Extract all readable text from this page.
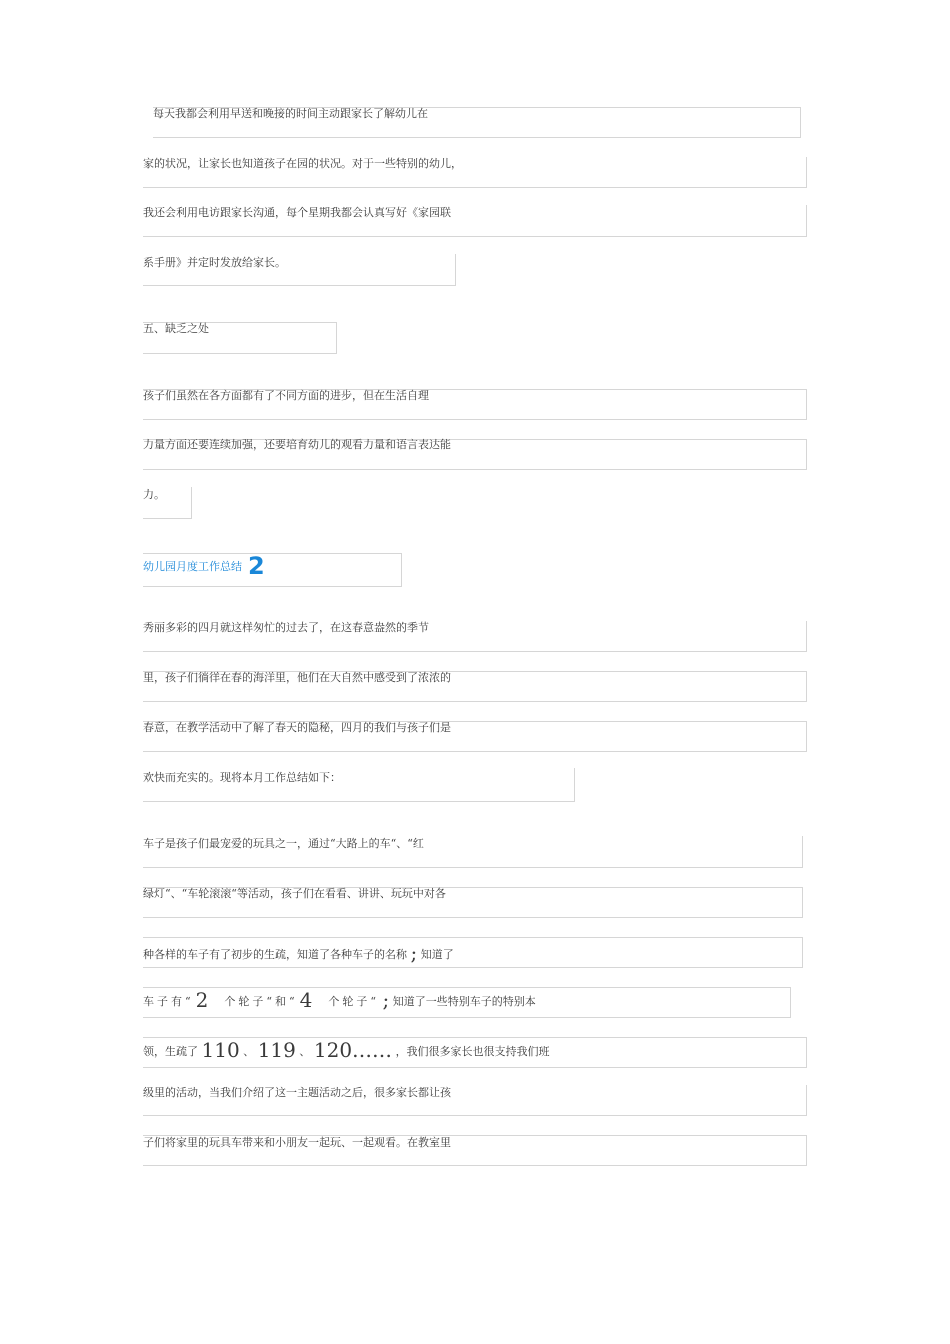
每天我都会利用早送和晚接的时间主动跟家长了解幼儿在
家的状况，让家长也知道孩子在园的状况。对于一些特别的幼儿，
我还会利用电访跟家长沟通，每个星期我都会认真写好《家园联
系手册》并定时发放给家长。
五、缺乏之处
孩子们虽然在各方面都有了不同方面的进步，但在生活自理
力量方面还要连续加强，还要培育幼儿的观看力量和语言表达能
力。
幼儿园月度工作总结 2
秀丽多彩的四月就这样匆忙的过去了，在这春意盎然的季节
里，孩子们徜徉在春的海洋里，他们在大自然中感受到了浓浓的
春意，在教学活动中了解了春天的隐秘，四月的我们与孩子们是
欢快而充实的。现将本月工作总结如下：
车子是孩子们最宠爱的玩具之一，通过“大路上的车“、“红
绿灯“、“车轮滚滚“等活动，孩子们在看看、讲讲、玩玩中对各
种各样的车子有了初步的生疏，知道了各种车子的名称 ; 知道了
车子有“ 2 个轮子“和“ 4 个轮子“ ; 知道了一些特别车子的特别本
领，生疏了 110 、 119 、 120…… ，我们很多家长也很支持我们班
级里的活动，当我们介绍了这一主题活动之后，很多家长都让孩
子们将家里的玩具车带来和小朋友一起玩、一起观看。在教室里
